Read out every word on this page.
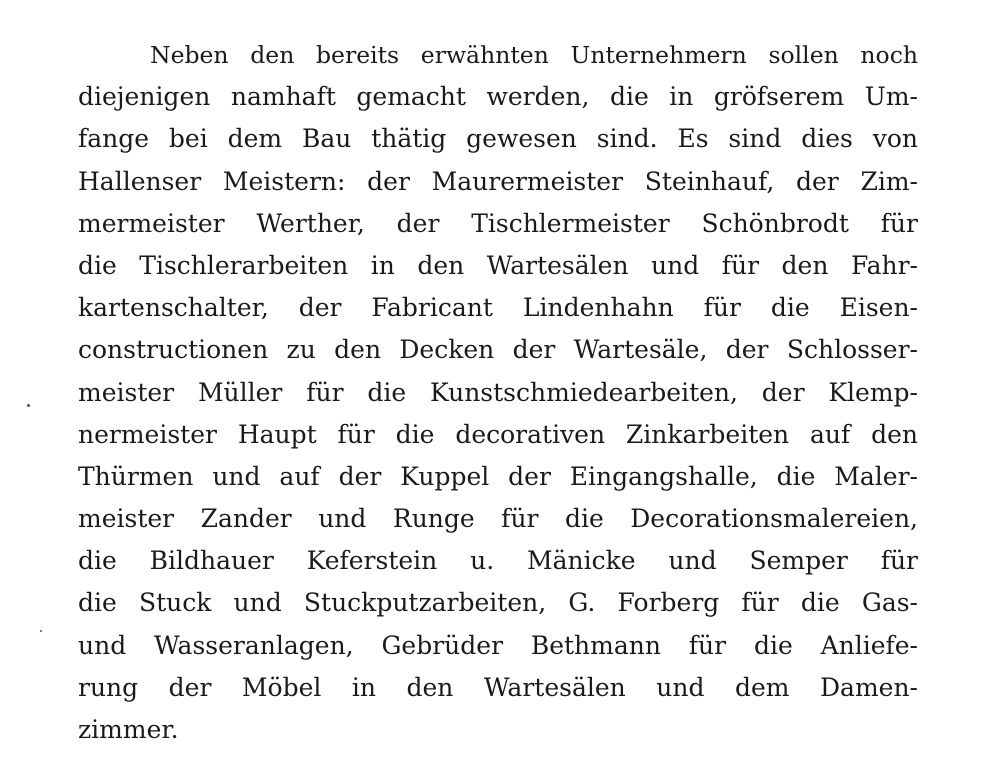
Neben den bereits erwähnten Unternehmern sollen noch
diejenigen namhaft gemacht werden, die in gröfserem Um-
fange bei dem Bau thätig gewesen sind. Es sind dies von
Hallenser Meistern: der Maurermeister Steinhauf, der Zim-
mermeister Werther, der Tischlermeister Schönbrodt für
die Tischlerarbeiten in den Wartesälen und für den Fahr-
kartenschalter, der Fabricant Lindenhahn für die Eisen-
constructionen zu den Decken der Wartesäle, der Schlosser-
meister Müller für die Kunstschmiedearbeiten, der Klemp-
nermeister Haupt für die decorativen Zinkarbeiten auf den
Thürmen und auf der Kuppel der Eingangshalle, die Maler-
meister Zander und Runge für die Decorationsmalereien,
die Bildhauer Keferstein u. Mänicke und Semper für
die Stuck und Stuckputzarbeiten, G. Forberg für die Gas-
und Wasseranlagen, Gebrüder Bethmann für die Anliefe-
rung der Möbel in den Wartesälen und dem Damen-
zimmer.
